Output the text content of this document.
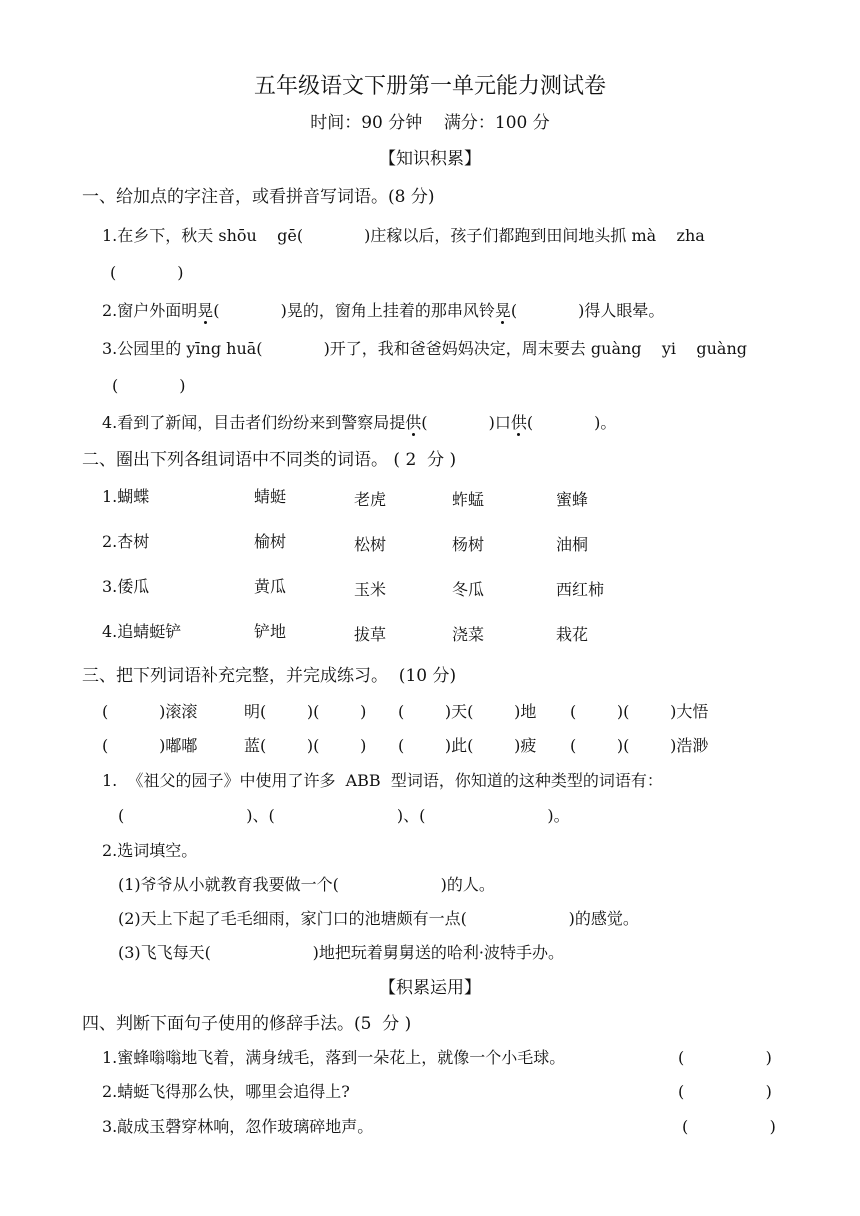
五年级语文下册第一单元能力测试卷
时间：90 分钟    满分：100 分
【知识积累】
一、给加点的字注音，或看拼音写词语。(8 分)
1.在乡下，秋天 shōu    gē(            )庄稼以后，孩子们都跑到田间地头抓 mà    zha
(            )
2.窗户外面明晃(            )晃的，窗角上挂着的那串风铃晃(            )得人眼晕。
3.公园里的 yīng huā(            )开了，我和爸爸妈妈决定，周末要去 guàng    yi    guàng
(            )
4.看到了新闻，目击者们纷纷来到警察局提供(            )口供(            )。
二、圈出下列各组词语中不同类的词语。 ( 2  分 )
1.蝴蝶	蜻蜓	老虎	蚱蜢	蜜蜂
2.杏树	榆树	松树	杨树	油桐
3.倭瓜	黄瓜	玉米	冬瓜	西红柿
4.追蜻蜓铲	铲地	拔草	浇菜	栽花
三、把下列词语补充完整，并完成练习。  (10 分)
(          )滚滚	明(        )(        ) (        )天(        )地 (        )(        )大悟
(          )嘟嘟	蓝(        )(        ) (        )此(        )疲 (        )(        )浩渺
1.  《祖父的园子》中使用了许多  ABB  型词语，你知道的这种类型的词语有：
(                        )、(                        )、(                        )。
2.选词填空。
(1)爷爷从小就教育我要做一个(                    )的人。
(2)天上下起了毛毛细雨，家门口的池塘颇有一点(                    )的感觉。
(3)飞飞每天(                    )地把玩着舅舅送的哈利·波特手办。
【积累运用】
四、判断下面句子使用的修辞手法。(5  分 )
1.蜜蜂嗡嗡地飞着，满身绒毛，落到一朵花上，就像一个小毛球。	(                )
2.蜻蜓飞得那么快，哪里会追得上?	(                )
3.敲成玉磬穿林响，忽作玻璃碎地声。	(                )
